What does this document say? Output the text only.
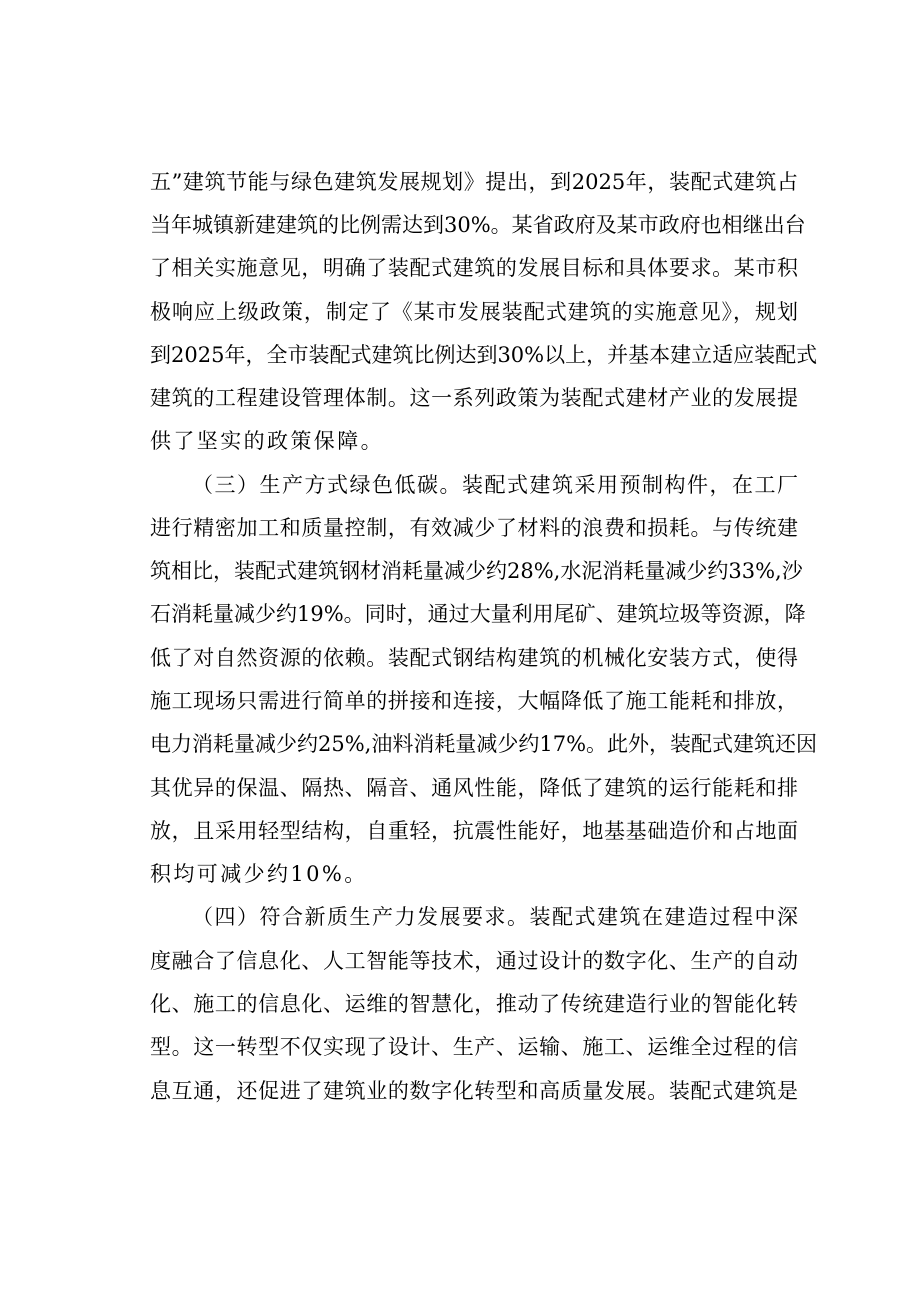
五”建筑节能与绿色建筑发展规划》提出，到2025年，装配式建筑占
当年城镇新建建筑的比例需达到30%。某省政府及某市政府也相继出台
了相关实施意见，明确了装配式建筑的发展目标和具体要求。某市积
极响应上级政策，制定了《某市发展装配式建筑的实施意见》，规划
到2025年，全市装配式建筑比例达到30%以上，并基本建立适应装配式
建筑的工程建设管理体制。这一系列政策为装配式建材产业的发展提
供了坚实的政策保障。
（三）生产方式绿色低碳。装配式建筑采用预制构件，在工厂
进行精密加工和质量控制，有效减少了材料的浪费和损耗。与传统建
筑相比，装配式建筑钢材消耗量减少约28%,水泥消耗量减少约33%,沙
石消耗量减少约19%。同时，通过大量利用尾矿、建筑垃圾等资源，降
低了对自然资源的依赖。装配式钢结构建筑的机械化安装方式，使得
施工现场只需进行简单的拼接和连接，大幅降低了施工能耗和排放，
电力消耗量减少约25%,油料消耗量减少约17%。此外，装配式建筑还因
其优异的保温、隔热、隔音、通风性能，降低了建筑的运行能耗和排
放，且采用轻型结构，自重轻，抗震性能好，地基基础造价和占地面
积均可减少约10%。
（四）符合新质生产力发展要求。装配式建筑在建造过程中深
度融合了信息化、人工智能等技术，通过设计的数字化、生产的自动
化、施工的信息化、运维的智慧化，推动了传统建造行业的智能化转
型。这一转型不仅实现了设计、生产、运输、施工、运维全过程的信
息互通，还促进了建筑业的数字化转型和高质量发展。装配式建筑是
